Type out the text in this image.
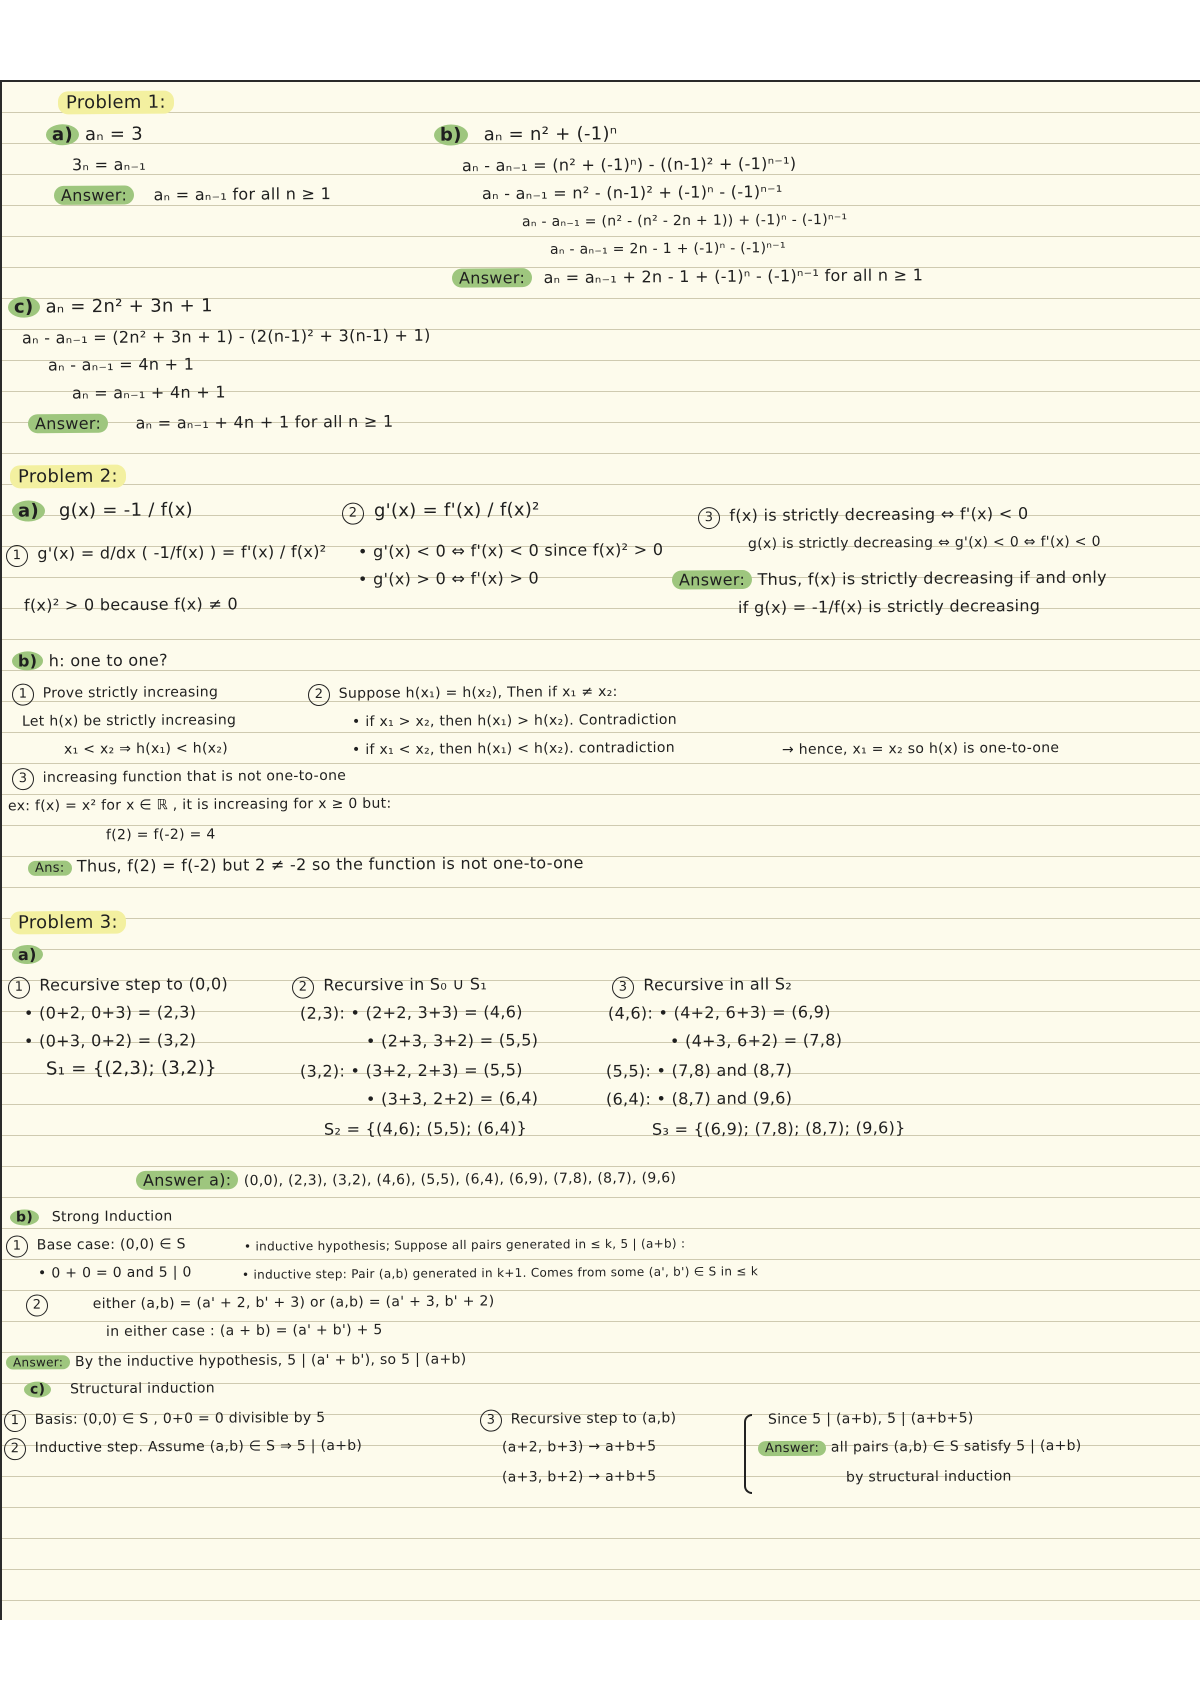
Problem 1:
a) aₙ = 3
3ₙ = aₙ₋₁
Answer: aₙ = aₙ₋₁ for all n ≥ 1
b) aₙ = n² + (-1)ⁿ
aₙ - aₙ₋₁ = (n² + (-1)ⁿ) - ((n-1)² + (-1)ⁿ⁻¹)
aₙ - aₙ₋₁ = n² - (n-1)² + (-1)ⁿ - (-1)ⁿ⁻¹
aₙ - aₙ₋₁ = (n² - (n² - 2n + 1)) + (-1)ⁿ - (-1)ⁿ⁻¹
aₙ - aₙ₋₁ = 2n - 1 + (-1)ⁿ - (-1)ⁿ⁻¹
Answer: aₙ = aₙ₋₁ + 2n - 1 + (-1)ⁿ - (-1)ⁿ⁻¹ for all n ≥ 1
c) aₙ = 2n² + 3n + 1
aₙ - aₙ₋₁ = (2n² + 3n + 1) - (2(n-1)² + 3(n-1) + 1)
aₙ - aₙ₋₁ = 4n + 1
aₙ = aₙ₋₁ + 4n + 1
Answer: aₙ = aₙ₋₁ + 4n + 1 for all n ≥ 1
Problem 2:
a) g(x) = -1 / f(x)
1 g'(x) = d/dx ( -1/f(x) ) = f'(x) / f(x)²
f(x)² > 0 because f(x) ≠ 0
2 g'(x) = f'(x) / f(x)²
• g'(x) < 0 ⇔ f'(x) < 0 since f(x)² > 0
• g'(x) > 0 ⇔ f'(x) > 0
3 f(x) is strictly decreasing ⇔ f'(x) < 0
g(x) is strictly decreasing ⇔ g'(x) < 0 ⇔ f'(x) < 0
Answer: Thus, f(x) is strictly decreasing if and only
if g(x) = -1/f(x) is strictly decreasing
b) h: one to one?
1 Prove strictly increasing
Let h(x) be strictly increasing
x₁ < x₂ ⇒ h(x₁) < h(x₂)
2 Suppose h(x₁) = h(x₂), Then if x₁ ≠ x₂:
• if x₁ > x₂, then h(x₁) > h(x₂). Contradiction
• if x₁ < x₂, then h(x₁) < h(x₂). contradiction	→ hence, x₁ = x₂ so h(x) is one-to-one
3 increasing function that is not one-to-one
ex: f(x) = x² for x ∈ ℝ , it is increasing for x ≥ 0 but:
f(2) = f(-2) = 4
Ans: Thus, f(2) = f(-2) but 2 ≠ -2 so the function is not one-to-one
Problem 3:
a)
1 Recursive step to (0,0)
• (0+2, 0+3) = (2,3)
• (0+3, 0+2) = (3,2)
S₁ = {(2,3); (3,2)}
2 Recursive in S₀ ∪ S₁
(2,3): • (2+2, 3+3) = (4,6)
• (2+3, 3+2) = (5,5)
(3,2): • (3+2, 2+3) = (5,5)
• (3+3, 2+2) = (6,4)
S₂ = {(4,6); (5,5); (6,4)}
3 Recursive in all S₂
(4,6): • (4+2, 6+3) = (6,9)
• (4+3, 6+2) = (7,8)
(5,5): • (7,8) and (8,7)
(6,4): • (8,7) and (9,6)
S₃ = {(6,9); (7,8); (8,7); (9,6)}
Answer a): (0,0), (2,3), (3,2), (4,6), (5,5), (6,4), (6,9), (7,8), (8,7), (9,6)
b) Strong Induction
1 Base case: (0,0) ∈ S
• 0 + 0 = 0 and 5 | 0
• inductive hypothesis; Suppose all pairs generated in ≤ k, 5 | (a+b) :
• inductive step: Pair (a,b) generated in k+1. Comes from some (a', b') ∈ S in ≤ k
2	either (a,b) = (a' + 2, b' + 3) or (a,b) = (a' + 3, b' + 2)
in either case : (a + b) = (a' + b') + 5
Answer: By the inductive hypothesis, 5 | (a' + b'), so 5 | (a+b)
c) Structural induction
1 Basis: (0,0) ∈ S , 0+0 = 0 divisible by 5
2 Inductive step. Assume (a,b) ∈ S ⇒ 5 | (a+b)
3 Recursive step to (a,b)
(a+2, b+3) → a+b+5
(a+3, b+2) → a+b+5
Since 5 | (a+b), 5 | (a+b+5)
Answer: all pairs (a,b) ∈ S satisfy 5 | (a+b)
by structural induction
